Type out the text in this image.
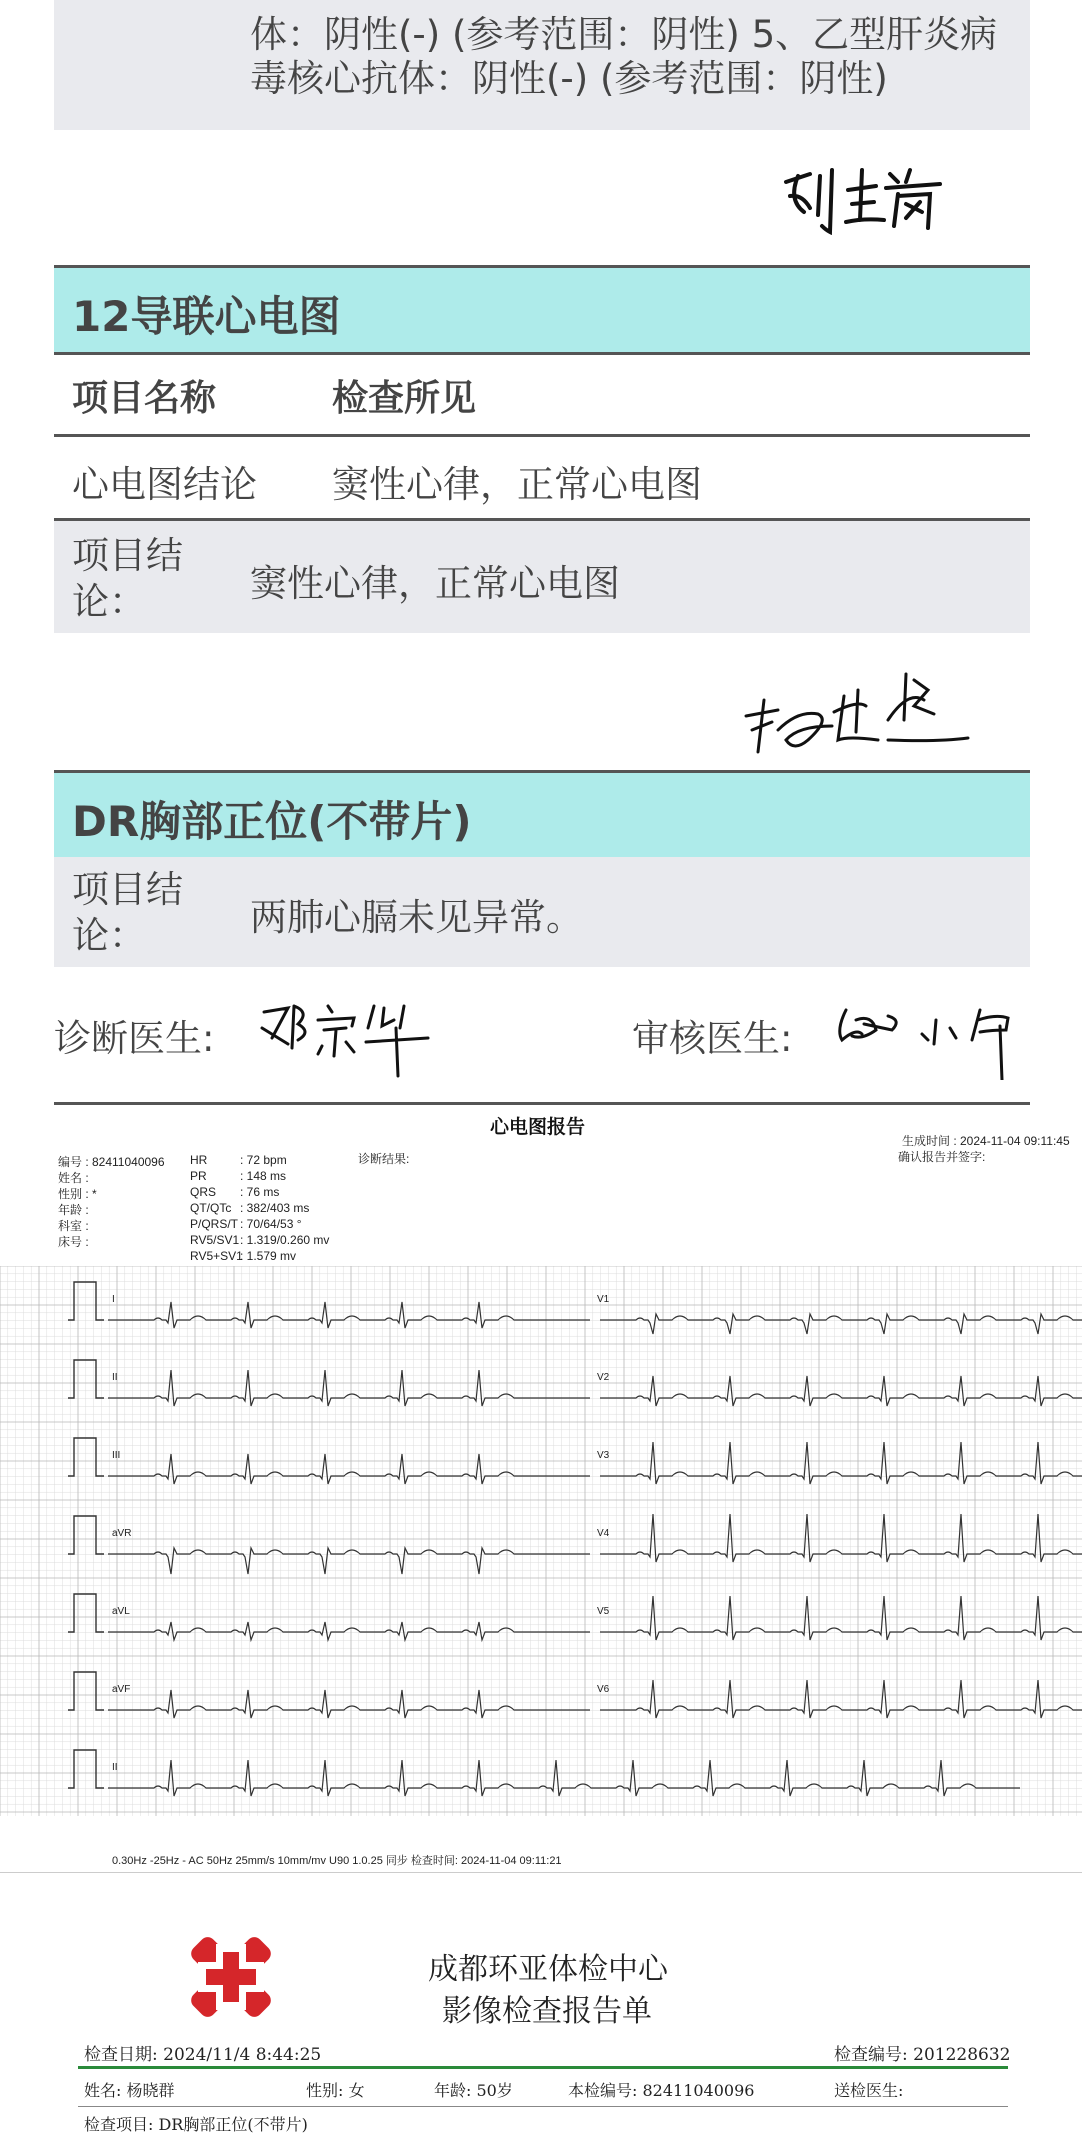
体：阴性(-) (参考范围：阴性) 5、乙型肝炎病
毒核心抗体：阴性(-) (参考范围：阴性)
12导联心电图
项目名称	检查所见
心电图结论 窦性心律，正常心电图
项目结论：	窦性心律，正常心电图
DR胸部正位(不带片)
项目结论：	两肺心膈未见异常。
诊断医生:	审核医生:
心电图报告
生成时间 : 2024-11-04 09:11:45
确认报告并签字:
诊断结果:
编号 : 82411040096
姓名 :
性别 : *
年龄 :
科室 :
床号 :
HR	: 72 bpm
PR	: 148 ms
QRS : 76 ms
QT/QTc : 382/403 ms
P/QRS/T : 70/64/53 °
RV5/SV1 : 1.319/0.260 mv
RV5+SV1
: 1.579 mv
I
II
III
aVR
aVL
aVF
II
V1
V2
V3
V4
V5
V6
0.30Hz -25Hz - AC 50Hz 25mm/s 10mm/mv U90 1.0.25 同步 检查时间: 2024-11-04 09:11:21
成都环亚体检中心
影像检查报告单
检查日期: 2024/11/4 8:44:25	检查编号: 201228632
姓名: 杨晓群	性别: 女	年龄: 50岁	本检编号: 82411040096	送检医生:
检查项目: DR胸部正位(不带片)
